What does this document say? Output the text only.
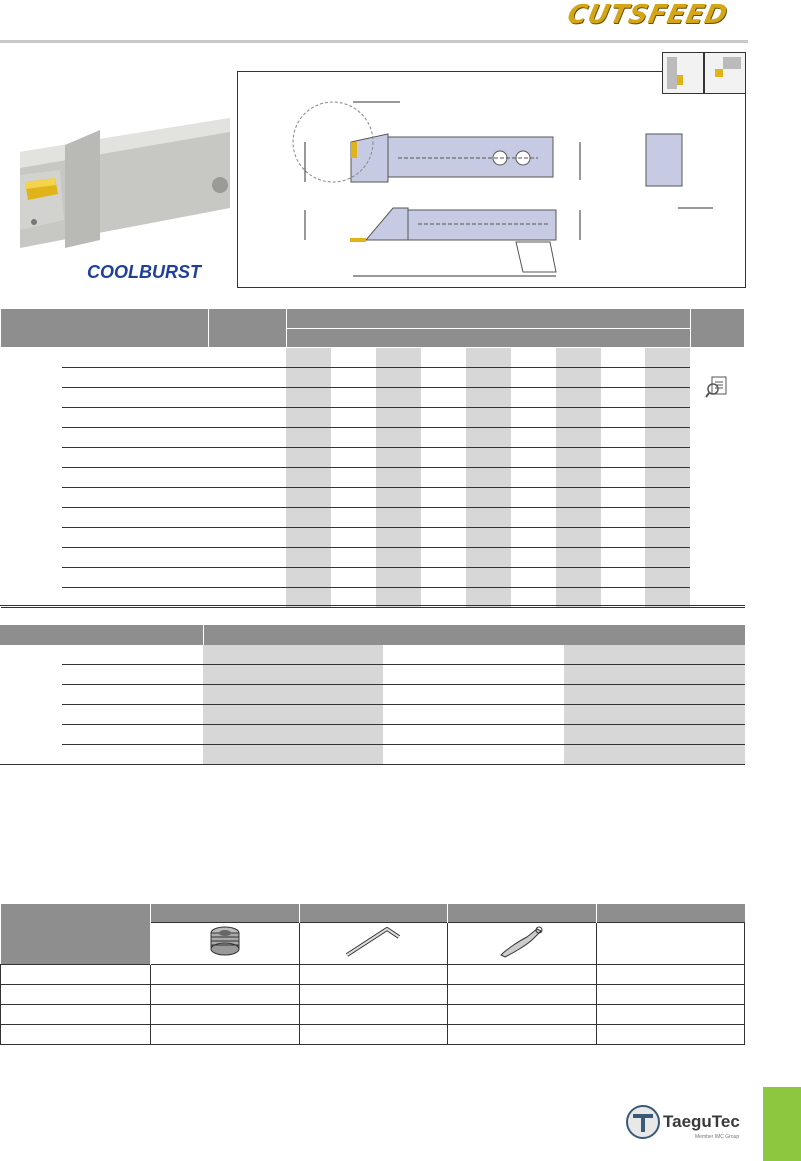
CUTSFEED
COOLBURST

TaeguTec
Member IMC Group
